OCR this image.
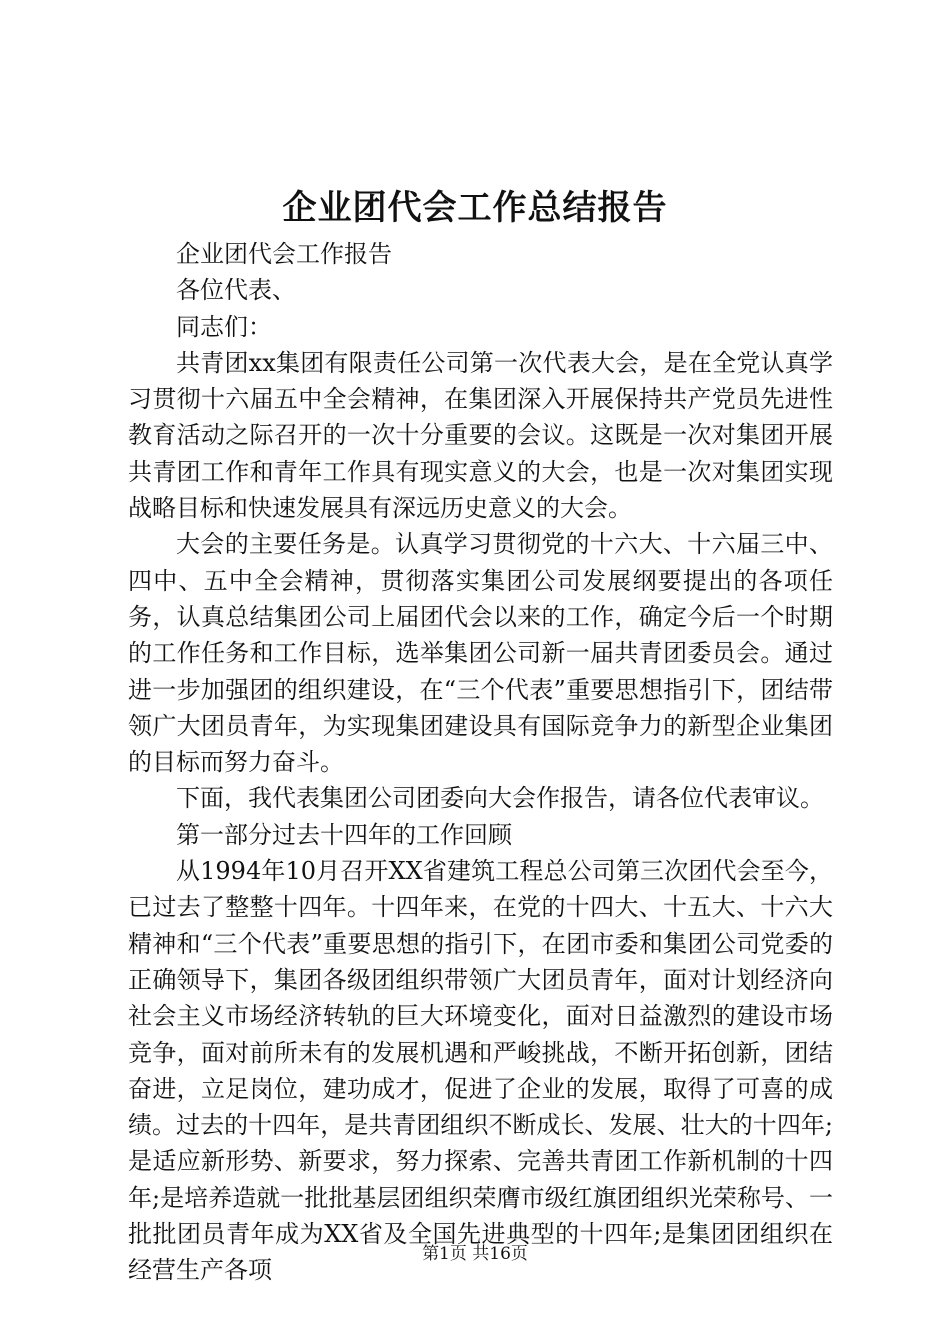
企业团代会工作总结报告

企业团代会工作报告

各位代表、

同志们：

共青团xx集团有限责任公司第一次代表大会，是在全党认真学习贯彻十六届五中全会精神，在集团深入开展保持共产党员先进性教育活动之际召开的一次十分重要的会议。这既是一次对集团开展共青团工作和青年工作具有现实意义的大会，也是一次对集团实现战略目标和快速发展具有深远历史意义的大会。

大会的主要任务是。认真学习贯彻党的十六大、十六届三中、四中、五中全会精神，贯彻落实集团公司发展纲要提出的各项任务，认真总结集团公司上届团代会以来的工作，确定今后一个时期的工作任务和工作目标，选举集团公司新一届共青团委员会。通过进一步加强团的组织建设，在“三个代表”重要思想指引下，团结带领广大团员青年，为实现集团建设具有国际竞争力的新型企业集团的目标而努力奋斗。

下面，我代表集团公司团委向大会作报告，请各位代表审议。

第一部分过去十四年的工作回顾

从1994年10月召开XX省建筑工程总公司第三次团代会至今，已过去了整整十四年。十四年来，在党的十四大、十五大、十六大精神和“三个代表”重要思想的指引下，在团市委和集团公司党委的正确领导下，集团各级团组织带领广大团员青年，面对计划经济向社会主义市场经济转轨的巨大环境变化，面对日益激烈的建设市场竞争，面对前所未有的发展机遇和严峻挑战，不断开拓创新，团结奋进，立足岗位，建功成才，促进了企业的发展，取得了可喜的成绩。过去的十四年，是共青团组织不断成长、发展、壮大的十四年;是适应新形势、新要求，努力探索、完善共青团工作新机制的十四年;是培养造就一批批基层团组织荣膺市级红旗团组织光荣称号、一批批团员青年成为XX省及全国先进典型的十四年;是集团团组织在经营生产各项

第1页 共16页
